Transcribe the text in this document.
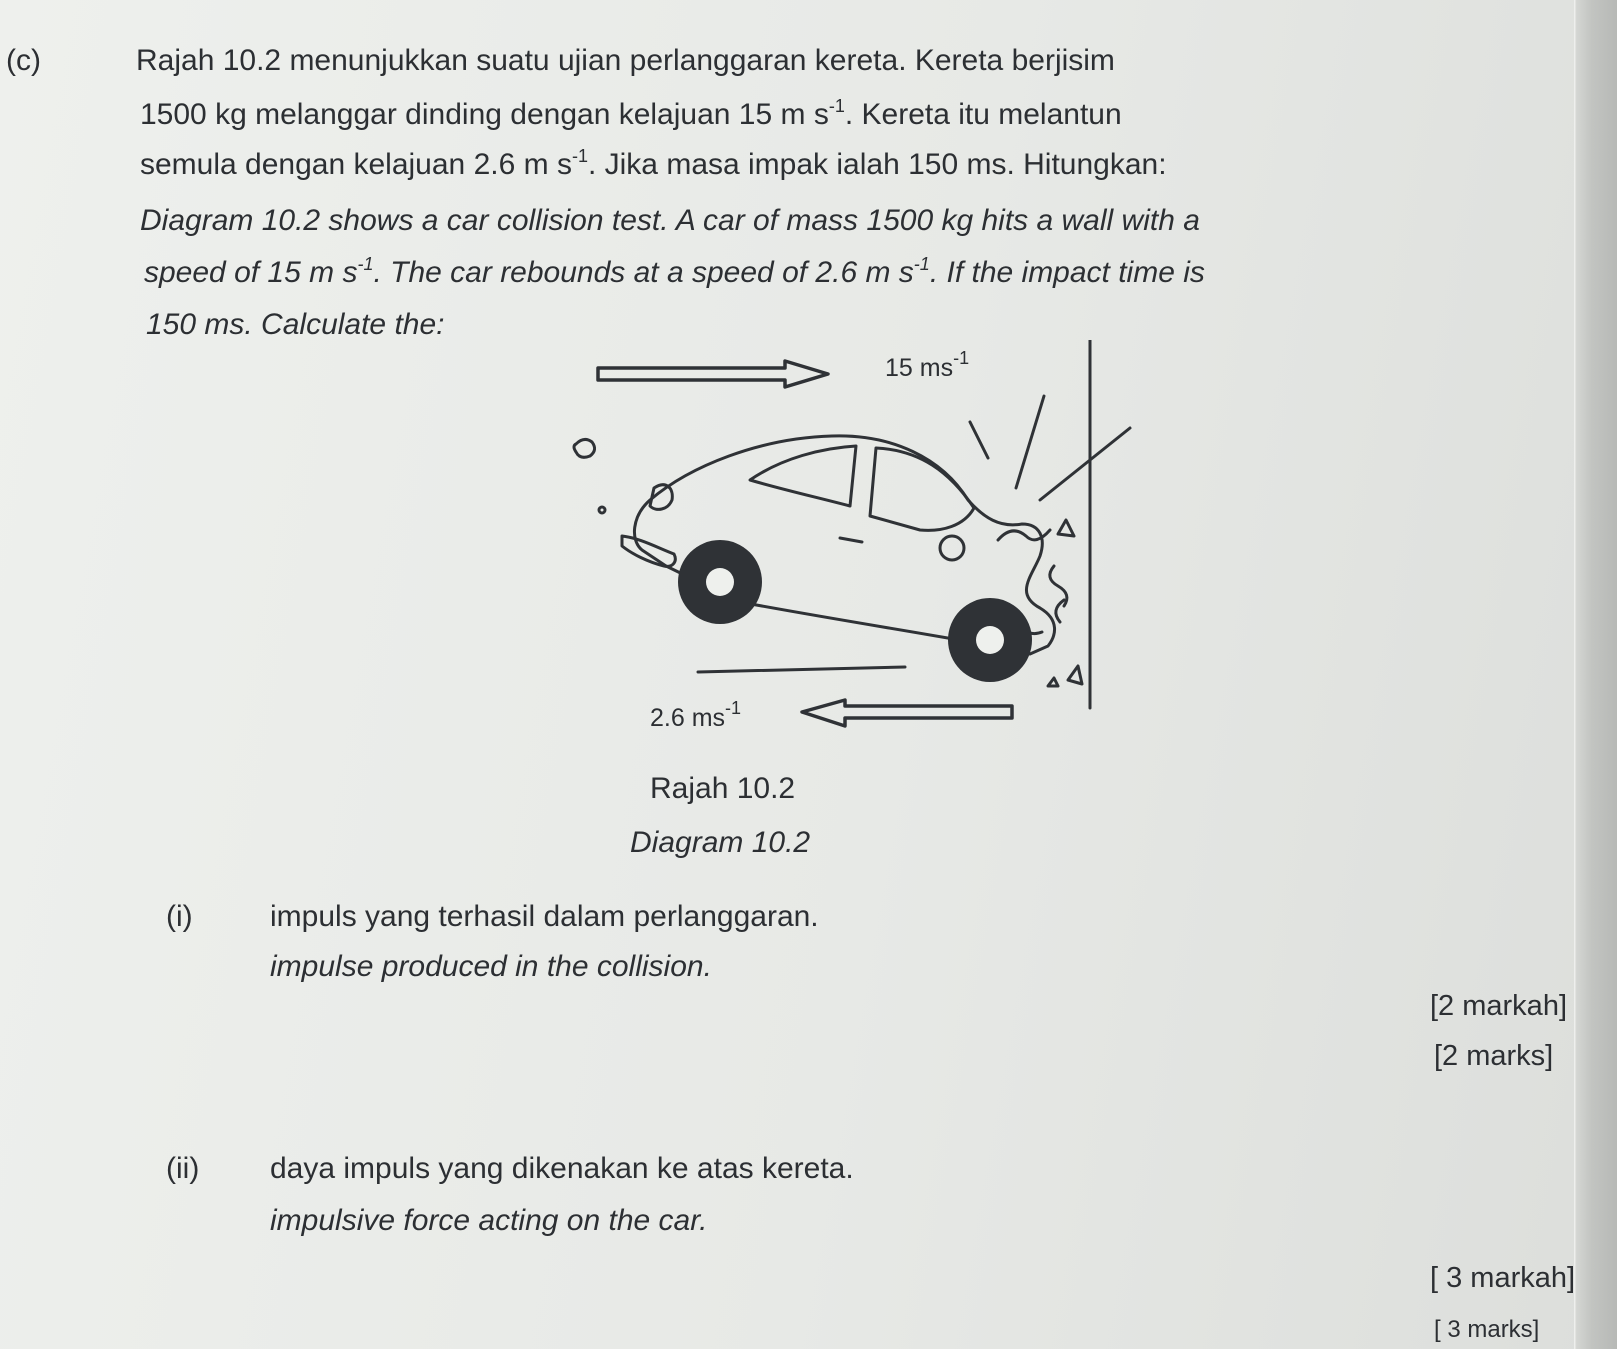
(c)	Rajah 10.2 menunjukkan suatu ujian perlanggaran kereta. Kereta berjisim
1500 kg melanggar dinding dengan kelajuan 15 m $s^{-1}$. Kereta itu melantun
semula dengan kelajuan 2.6 m $s^{-1}$. Jika masa impak ialah 150 ms. Hitungkan:
Diagram 10.2 shows a car collision test. A car of mass 1500 kg hits a wall with a
speed of 15 m $s^{-1}$. The car rebounds at a speed of 2.6 m $s^{-1}$. If the impact time is
150 ms. Calculate the:
15 $ms^{-1}$
2.6 $ms^{-1}$
Rajah 10.2
Diagram 10.2
(i)	impuls yang terhasil dalam perlanggaran.
impulse produced in the collision.
[2 markah]
[2 marks]
(ii) daya impuls yang dikenakan ke atas kereta.
impulsive force acting on the car.
[ 3 markah]
[ 3 marks]
